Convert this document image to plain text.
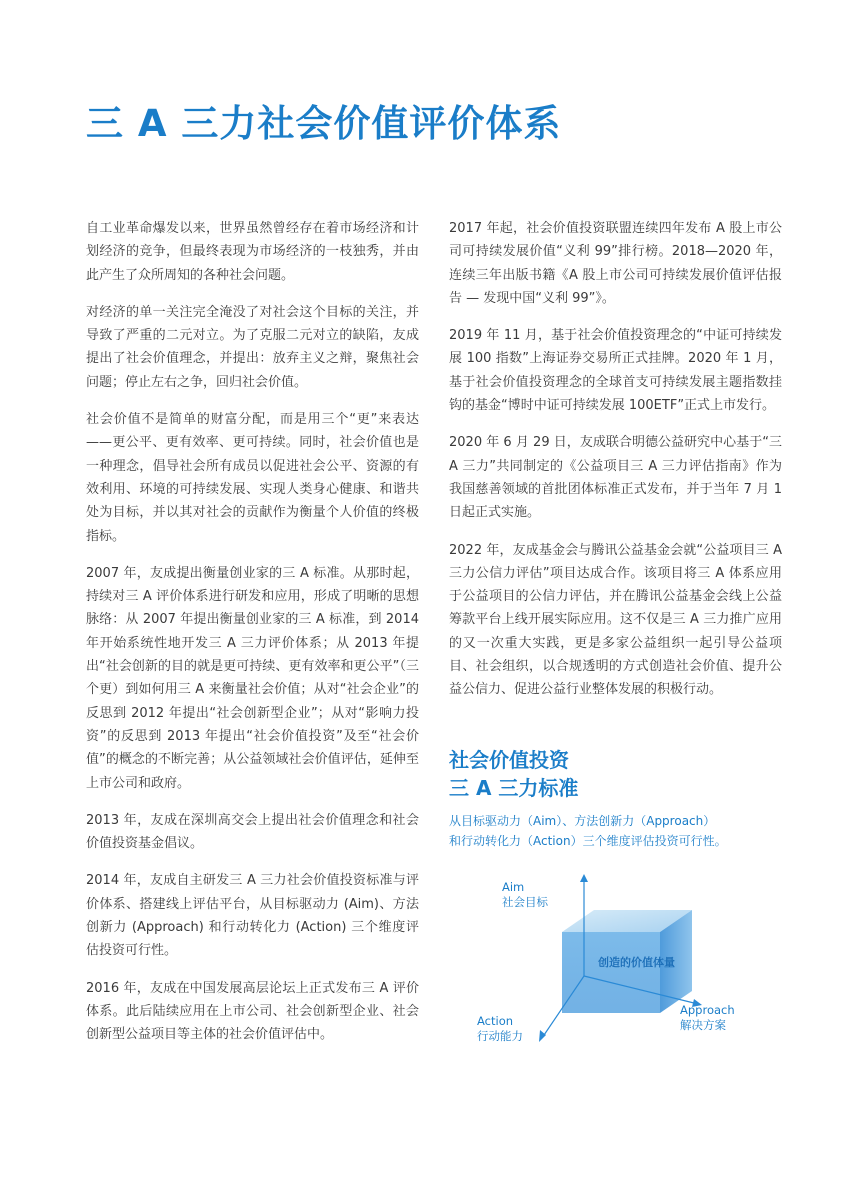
三 A 三力社会价值评价体系

自工业革命爆发以来，世界虽然曾经存在着市场经济和计划经济的竞争，但最终表现为市场经济的一枝独秀，并由此产生了众所周知的各种社会问题。

对经济的单一关注完全淹没了对社会这个目标的关注，并导致了严重的二元对立。为了克服二元对立的缺陷，友成提出了社会价值理念，并提出：放弃主义之辩，聚焦社会问题；停止左右之争，回归社会价值。

社会价值不是简单的财富分配，而是用三个“更”来表达——更公平、更有效率、更可持续。同时，社会价值也是一种理念，倡导社会所有成员以促进社会公平、资源的有效利用、环境的可持续发展、实现人类身心健康、和谐共处为目标，并以其对社会的贡献作为衡量个人价值的终极指标。

2007 年，友成提出衡量创业家的三 A 标准。从那时起，持续对三 A 评价体系进行研发和应用，形成了明晰的思想脉络：从 2007 年提出衡量创业家的三 A 标准，到 2014 年开始系统性地开发三 A 三力评价体系；从 2013 年提出“社会创新的目的就是更可持续、更有效率和更公平”（三个更）到如何用三 A 来衡量社会价值；从对“社会企业”的反思到 2012 年提出“社会创新型企业”；从对“影响力投资”的反思到 2013 年提出“社会价值投资”及至“社会价值”的概念的不断完善；从公益领域社会价值评估，延伸至上市公司和政府。

2013 年，友成在深圳高交会上提出社会价值理念和社会价值投资基金倡议。

2014 年，友成自主研发三 A 三力社会价值投资标准与评价体系、搭建线上评估平台，从目标驱动力 (Aim)、方法创新力 (Approach) 和行动转化力 (Action) 三个维度评估投资可行性。

2016 年，友成在中国发展高层论坛上正式发布三 A 评价体系。此后陆续应用在上市公司、社会创新型企业、社会创新型公益项目等主体的社会价值评估中。

2017 年起，社会价值投资联盟连续四年发布 A 股上市公司可持续发展价值“义利 99”排行榜。2018—2020 年，连续三年出版书籍《A 股上市公司可持续发展价值评估报告 — 发现中国“义利 99”》。

2019 年 11 月，基于社会价值投资理念的“中证可持续发展 100 指数”上海证券交易所正式挂牌。2020 年 1 月，基于社会价值投资理念的全球首支可持续发展主题指数挂钩的基金“博时中证可持续发展 100ETF”正式上市发行。

2020 年 6 月 29 日，友成联合明德公益研究中心基于“三 A 三力”共同制定的《公益项目三 A 三力评估指南》作为我国慈善领域的首批团体标准正式发布，并于当年 7 月 1 日起正式实施。

2022 年，友成基金会与腾讯公益基金会就“公益项目三 A 三力公信力评估”项目达成合作。该项目将三 A 体系应用于公益项目的公信力评估，并在腾讯公益基金会线上公益筹款平台上线开展实际应用。这不仅是三 A 三力推广应用的又一次重大实践，更是多家公益组织一起引导公益项目、社会组织，以合规透明的方式创造社会价值、提升公益公信力、促进公益行业整体发展的积极行动。

社会价值投资
三 A 三力标准
从目标驱动力（Aim）、方法创新力（Approach）
和行动转化力（Action）三个维度评估投资可行性。
Aim
社会目标
Approach
解决方案
Action
行动能力
创造的价值体量
